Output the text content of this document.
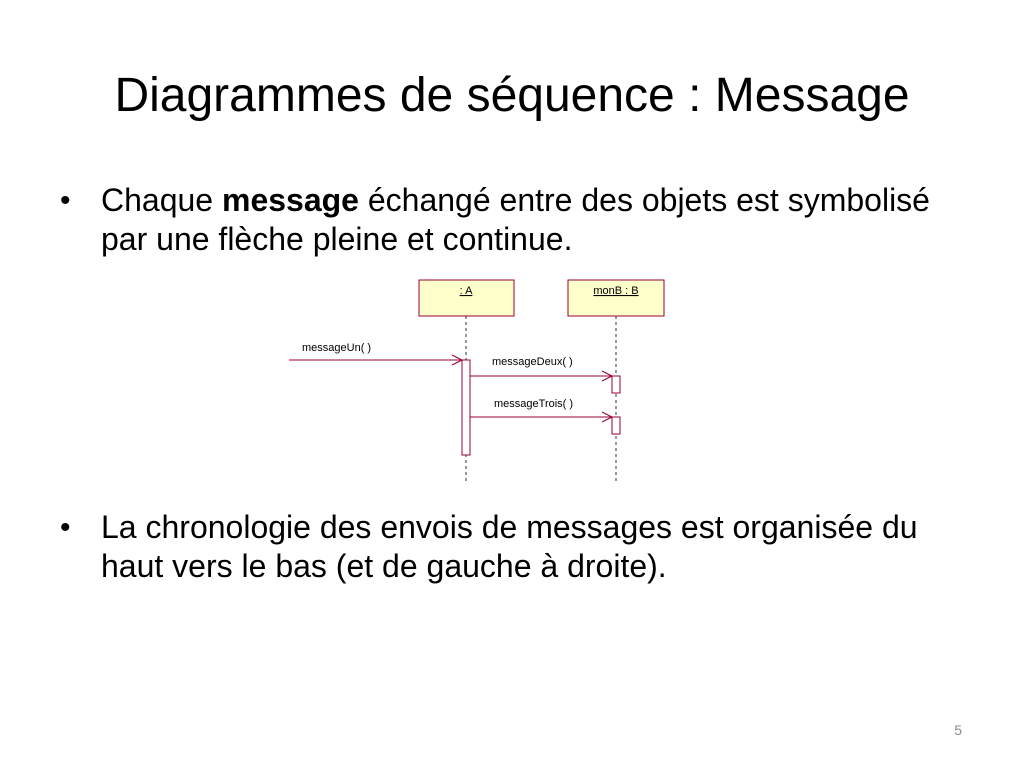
Diagrammes de séquence : Message
• Chaque message échangé entre des objets est symbolisé par une flèche pleine et continue.
: A	monB : B
messageUn( )
messageDeux( )
messageTrois( )
• La chronologie des envois de messages est organisée du haut vers le bas (et de gauche à droite).
5
